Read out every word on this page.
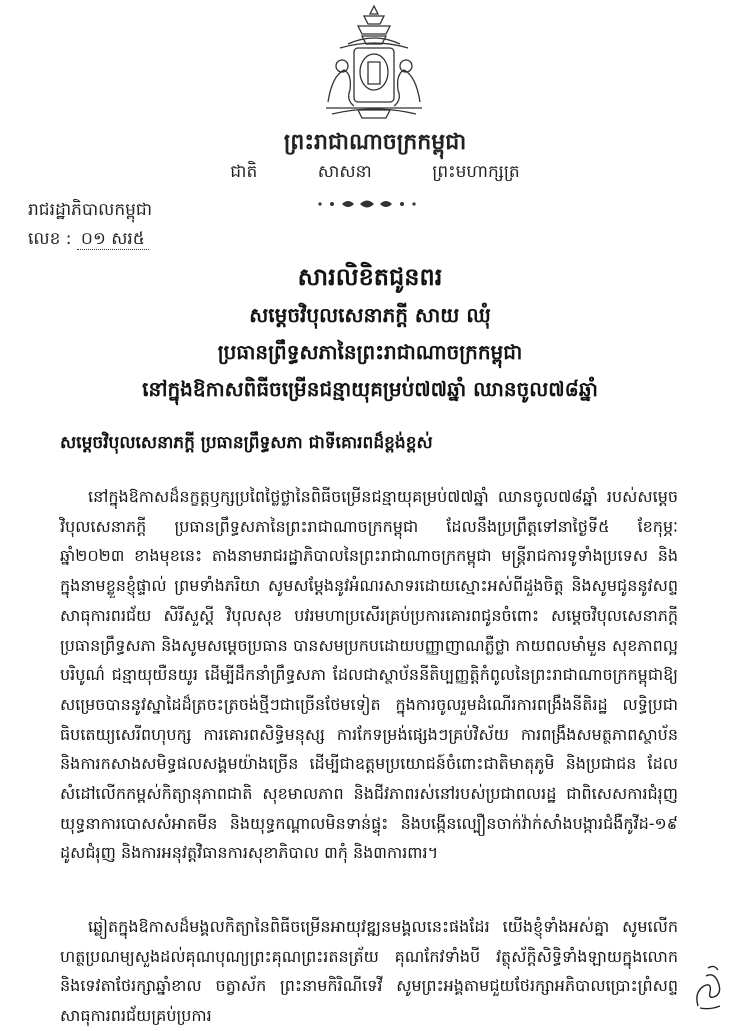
ព្រះរាជាណាចក្រកម្ពុជា
ជាតិ	សាសនា	ព្រះមហាក្សត្រ
រាជរដ្ឋាភិបាលកម្ពុជា
លេខ : ០១ សរ៥
សារលិខិតជូនពរ
សម្តេចវិបុលសេនាភក្តី សាយ ឈុំ
ប្រធានព្រឹទ្ធសភានៃព្រះរាជាណាចក្រកម្ពុជា
នៅក្នុងឱកាសពិធីចម្រើនជន្មាយុគម្រប់៧៧ឆ្នាំ ឈានចូល៧៨ឆ្នាំ
សម្តេចវិបុលសេនាភក្តី ប្រធានព្រឹទ្ធសភា ជាទីគោរពដ៏ខ្ពង់ខ្ពស់

នៅក្នុងឱកាសដ៏នក្ខត្តឫក្សប្រពៃថ្លៃថ្លានៃពិធីចម្រើនជន្មាយុគម្រប់៧៧ឆ្នាំ ឈានចូល៧៨ឆ្នាំ របស់សម្តេចវិបុលសេនាភក្តី ប្រធានព្រឹទ្ធសភានៃព្រះរាជាណាចក្រកម្ពុជា ដែលនឹងប្រព្រឹត្តទៅនាថ្ងៃទី៥ ខែកុម្ភៈ ឆ្នាំ២០២៣ ខាងមុខនេះ តាងនាមរាជរដ្ឋាភិបាលនៃព្រះរាជាណាចក្រកម្ពុជា មន្ត្រីរាជការទូទាំងប្រទេស និងក្នុងនាមខ្លួនខ្ញុំផ្ទាល់ ព្រមទាំងភរិយា សូមសម្តែងនូវអំណរសាទរដោយស្មោះអស់ពីដួងចិត្ត និងសូមជូននូវសព្ទសាធុការពរជ័យ សិរីសួស្តី វិបុលសុខ បវរមហាប្រសើរគ្រប់ប្រការគោរពជូនចំពោះ សម្តេចវិបុលសេនាភក្តី ប្រធានព្រឹទ្ធសភា និងសូមសម្តេចប្រធាន បានសមប្រកបដោយបញ្ញាញាណភ្លឺថ្លា កាយពលមាំមួន សុខភាពល្អបរិបូណ៌ ជន្មាយុយឺនយូរ ដើម្បីដឹកនាំព្រឹទ្ធសភា ដែលជាស្ថាប័ននីតិប្បញ្ញត្តិកំពូលនៃព្រះរាជាណាចក្រកម្ពុជាឱ្យសម្រេចបាននូវស្នាដៃដ៏ត្រចះត្រចង់ថ្មីៗជាច្រើនថែមទៀត ក្នុងការចូលរួមដំណើរការពង្រឹងនីតិរដ្ឋ លទ្ធិប្រជាធិបតេយ្យសេរីពហុបក្ស ការគោរពសិទ្ធិមនុស្ស ការកែទម្រង់ផ្សេងៗគ្រប់វិស័យ ការពង្រឹងសមត្ថភាពស្ថាប័ន និងការកសាងសមិទ្ធផលសង្គមយ៉ាងច្រើន ដើម្បីជាឧត្តមប្រយោជន៍ចំពោះជាតិមាតុភូមិ និងប្រជាជន ដែលសំដៅលើកកម្ពស់កិត្យានុភាពជាតិ សុខមាលភាព និងជីវភាពរស់នៅរបស់ប្រជាពលរដ្ឋ ជាពិសេសការជំរុញយុទ្ធនាការបោសសំអាតមីន និងយុទ្ធកណ្តាលមិនទាន់ផ្ទុះ និងបង្កើនល្បឿនចាក់វ៉ាក់សាំងបង្ការជំងឺកូវីដ-១៩ ដូសជំរុញ និងការអនុវត្តវិធានការសុខាភិបាល ៣កុំ និង៣ការពារ។

ឆ្លៀតក្នុងឱកាសដ៏មង្គលកិត្យានៃពិធីចម្រើនអាយុវឌ្ឍនមង្គលនេះផងដែរ យើងខ្ញុំទាំងអស់គ្នា សូមលើកហត្ថប្រណម្យសួងដល់គុណបុណ្យព្រះគុណព្រះរតនត្រ័យ គុណកែវទាំងបី វត្ថុស័ក្តិសិទ្ធិទាំងឡាយក្នុងលោក និងទេវតាថែរក្សាឆ្នាំខាល ចត្វាស័ក ព្រះនាមកិរិណីទេវី សូមព្រះអង្គតាមជួយថែរក្សាអភិបាលប្រោះព្រំសព្ទសាធុការពរជ័យគ្រប់ប្រការ
